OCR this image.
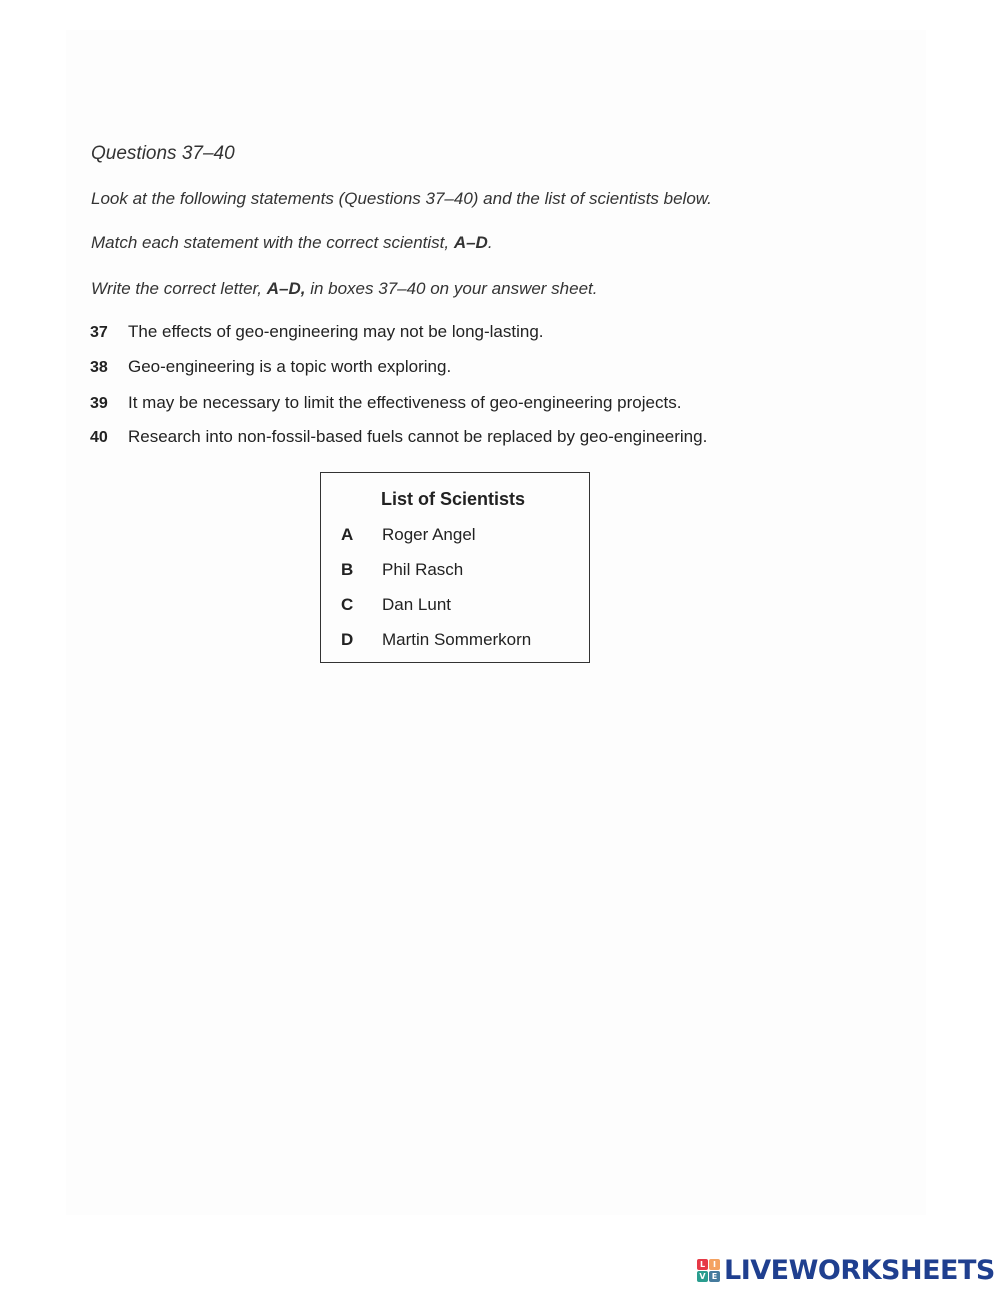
Questions 37–40
Look at the following statements (Questions 37–40) and the list of scientists below.
Match each statement with the correct scientist, A–D.
Write the correct letter, A–D, in boxes 37–40 on your answer sheet.
37 The effects of geo-engineering may not be long-lasting.
38 Geo-engineering is a topic worth exploring.
39 It may be necessary to limit the effectiveness of geo-engineering projects.
40 Research into non-fossil-based fuels cannot be replaced by geo-engineering.
List of Scientists
A Roger Angel
B Phil Rasch
C Dan Lunt
D Martin Sommerkorn
L I
V E LIVEWORKSHEETS
